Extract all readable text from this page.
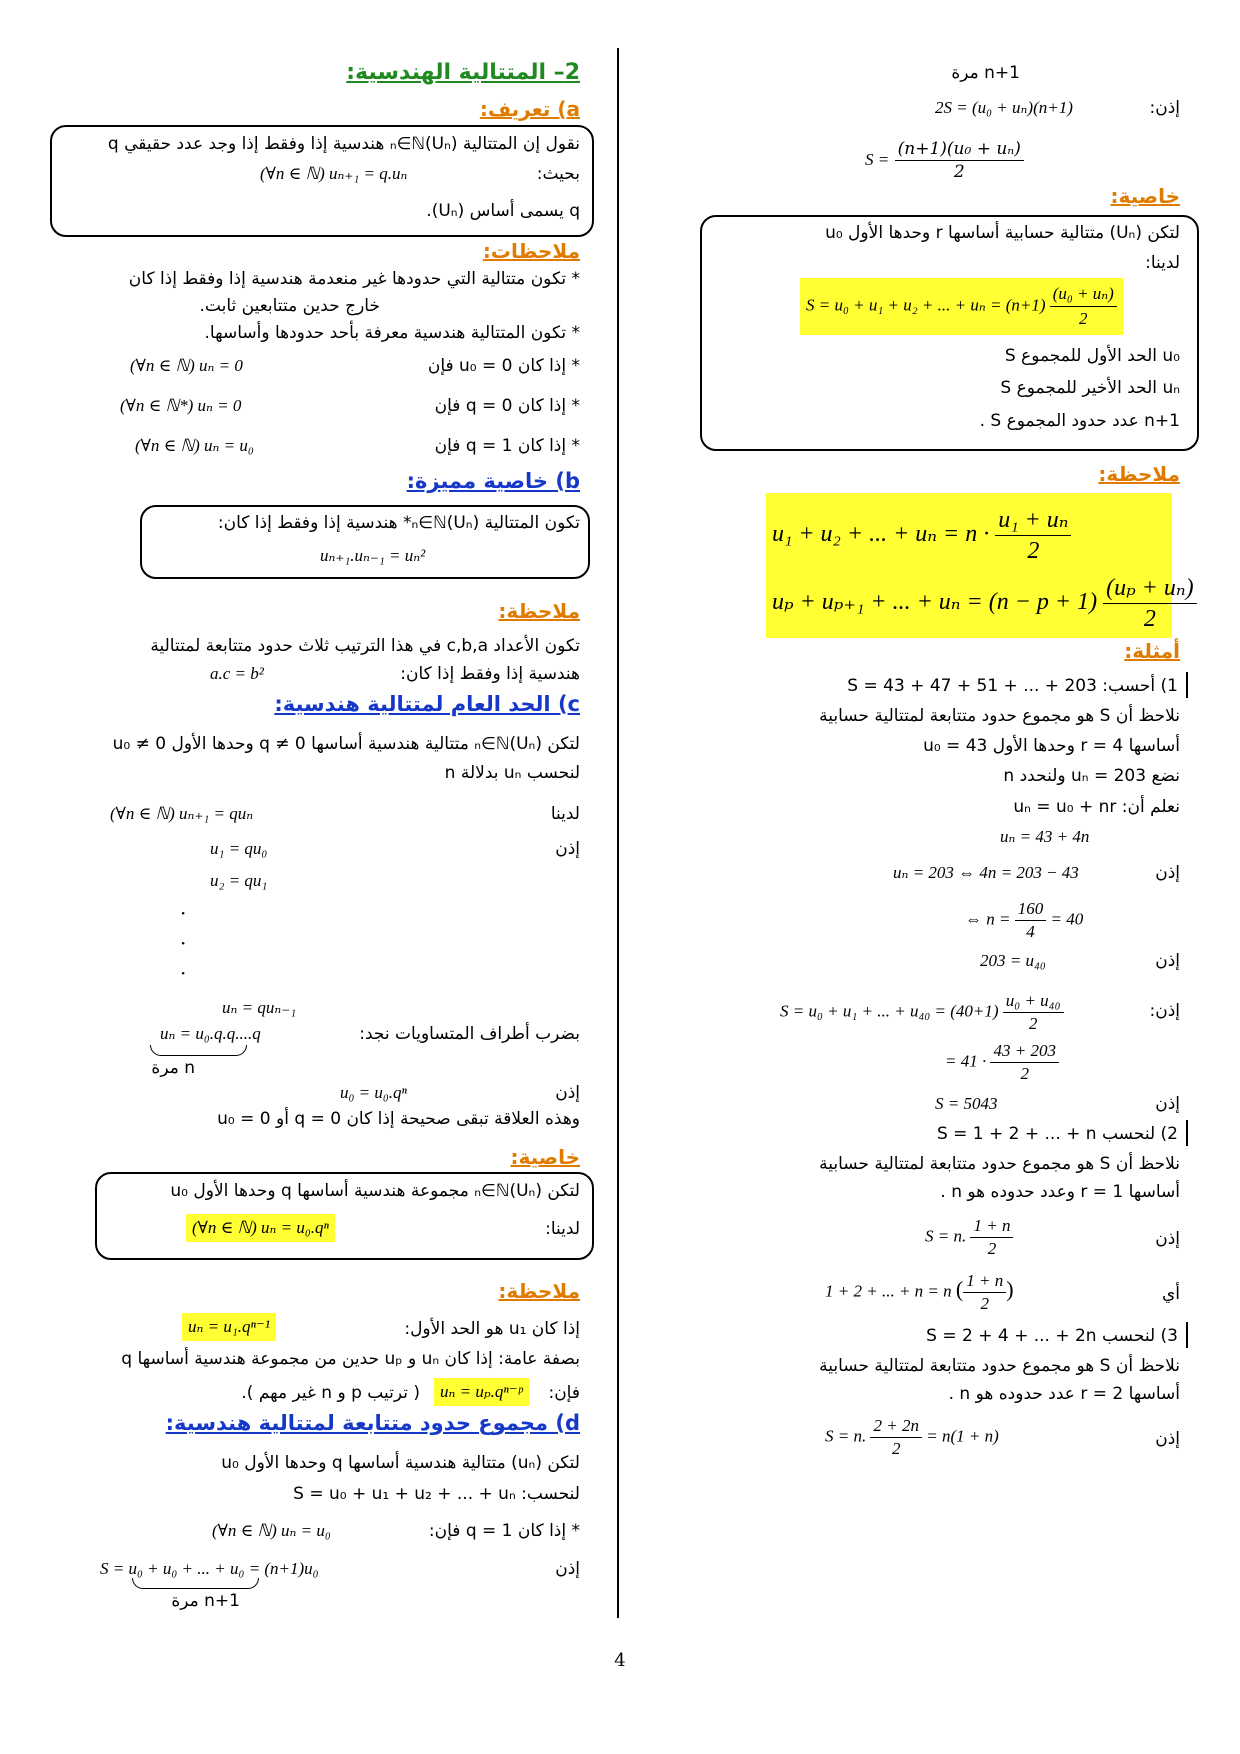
2– المتتالية الهندسية:
a) تعريف:
نقول إن المتتالية (Uₙ)ₙ∈ℕ هندسية إذا وفقط إذا وجد عدد حقيقي q
بحيث:
(∀n ∈ ℕ) uₙ₊₁ = q.uₙ
q يسمى أساس (Uₙ).
ملاحظات:
* تكون متتالية التي حدودها غير منعدمة هندسية إذا وفقط إذا كان
خارج حدين متتابعين ثابت.
* تكون المتتالية هندسية معرفة بأحد حدودها وأساسها.
* إذا كان u₀ = 0 فإن
(∀n ∈ ℕ) uₙ = 0
* إذا كان q = 0 فإن
(∀n ∈ ℕ*) uₙ = 0
* إذا كان q = 1 فإن
(∀n ∈ ℕ) uₙ = u₀
b) خاصية مميزة:
تكون المتتالية (Uₙ)ₙ∈ℕ* هندسية إذا وفقط إذا كان:
uₙ₊₁.uₙ₋₁ = uₙ²
ملاحظة:
تكون الأعداد c,b,a في هذا الترتيب ثلاث حدود متتابعة لمتتالية
هندسية إذا وفقط إذا كان:
a.c = b²
c) الحد العام لمتتالية هندسية:
لتكن (Uₙ)ₙ∈ℕ متتالية هندسية أساسها q ≠ 0 وحدها الأول u₀ ≠ 0
لنحسب uₙ بدلالة n
لدينا
(∀n ∈ ℕ) uₙ₊₁ = quₙ
إذن
u₁ = qu₀
u₂ = qu₁
·
·
·
uₙ = quₙ₋₁
بضرب أطراف المتساويات نجد:
uₙ = u₀.q.q....q
n مرة
إذن
u₀ = u₀.qⁿ
وهذه العلاقة تبقى صحيحة إذا كان q = 0 أو u₀ = 0
خاصية:
لتكن (Uₙ)ₙ∈ℕ مجموعة هندسية أساسها q وحدها الأول u₀
لدينا:
(∀n ∈ ℕ) uₙ = u₀.qⁿ
ملاحظة:
إذا كان u₁ هو الحد الأول:
uₙ = u₁.qⁿ⁻¹
بصفة عامة: إذا كان uₙ و uₚ حدين من مجموعة هندسية أساسها q
فإن:
uₙ = uₚ.qⁿ⁻ᵖ
( ترتيب p و n غير مهم ).
d) مجموع حدود متتابعة لمتتالية هندسية:
لتكن (uₙ) متتالية هندسية أساسها q وحدها الأول u₀
لنحسب: S = u₀ + u₁ + u₂ + ... + uₙ
* إذا كان q = 1 فإن:
(∀n ∈ ℕ) uₙ = u₀
إذن
S = u₀ + u₀ + ... + u₀ = (n+1)u₀
n+1 مرة
n+1 مرة
إذن:
2S = (u₀ + uₙ)(n+1)
$S = \frac{\text{(n+1)(u₀ + uₙ)}}{2}$
خاصية:
لتكن (Uₙ) متتالية حسابية أساسها r وحدها الأول u₀
لدينا:
S = u₀ + u₁ + u₂ + ... + $u_n = (n+1) \frac{\text{(u₀ + uₙ)}}{2}$
u₀ الحد الأول للمجموع S
uₙ الحد الأخير للمجموع S
n+1 عدد حدود المجموع S .
ملاحظة:
u₁ + u₂ + ... + $u_n = n \cdot \frac{\text{u₁ + uₙ}}{2}$
uₚ + uₚ₊₁ + ... + $u_n = (n - p + 1) \frac{\text{(uₚ + uₙ)}}{2}$
أمثلة:
1) أحسب: S = 43 + 47 + 51 + ... + 203
نلاحظ أن S هو مجموع حدود متتابعة لمتتالية حسابية
أساسها r = 4 وحدها الأول u₀ = 43
نضع uₙ = 203 ولنحدد n
نعلم أن: uₙ = u₀ + nr
uₙ = 43 + 4n
إذن
uₙ = 203 ⇔ 4n = 203 − 43
⇔ $n = \frac{160}{4} = 40$
إذن
203 = u₄₀
إذن:
S = u₀ + u₁ + ... + $u_{40} = (40+1) \frac{\text{u₀ + u₄₀}}{2}$
= $41 \cdot \frac{43 + 203}{2}$
إذن
S = 5043
2) لنحسب S = 1 + 2 + ... + n
نلاحظ أن S هو مجموع حدود متتابعة لمتتالية حسابية
أساسها r = 1 وعدد حدوده هو n .
إذن
S = n. $\frac{1 + n}{2}$
أي
1 + 2 + ... + n = n ( $\frac{1 + n}{2}$ )
3) لنحسب S = 2 + 4 + ... + 2n
نلاحظ أن S هو مجموع حدود متتابعة لمتتالية حسابية
أساسها r = 2 عدد حدوده هو n .
إذن
S = n. $\frac{2 + 2n}{2} = n(1 + n)$
4
